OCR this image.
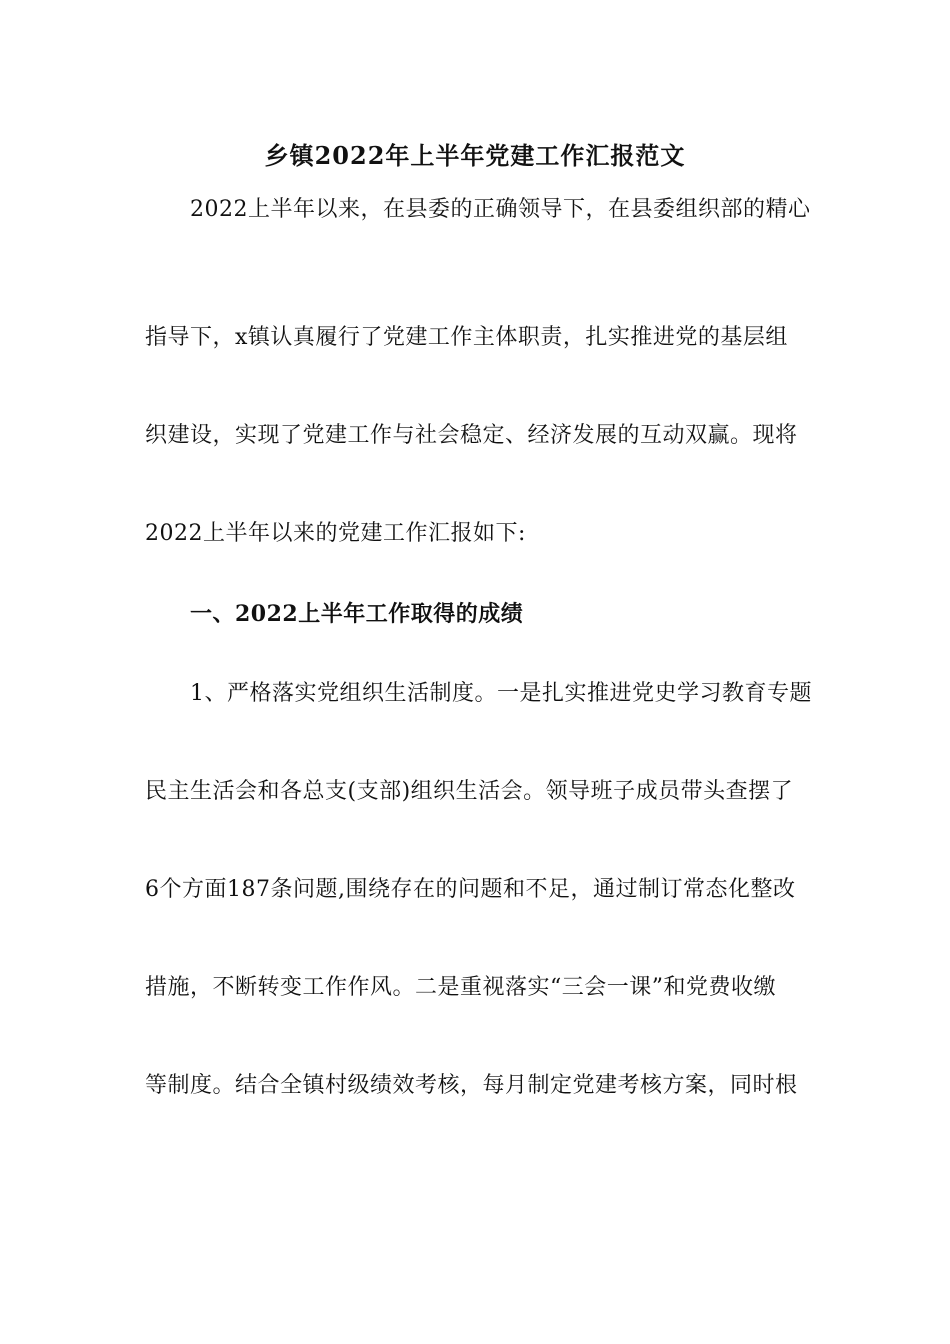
乡镇2022年上半年党建工作汇报范文
2022上半年以来，在县委的正确领导下，在县委组织部的精心
指导下，x镇认真履行了党建工作主体职责，扎实推进党的基层组
织建设，实现了党建工作与社会稳定、经济发展的互动双赢。现将
2022上半年以来的党建工作汇报如下:
一、2022上半年工作取得的成绩
1、严格落实党组织生活制度。一是扎实推进党史学习教育专题
民主生活会和各总支(支部)组织生活会。领导班子成员带头查摆了
6个方面187条问题,围绕存在的问题和不足，通过制订常态化整改
措施，不断转变工作作风。二是重视落实“三会一课”和党费收缴
等制度。结合全镇村级绩效考核，每月制定党建考核方案，同时根
